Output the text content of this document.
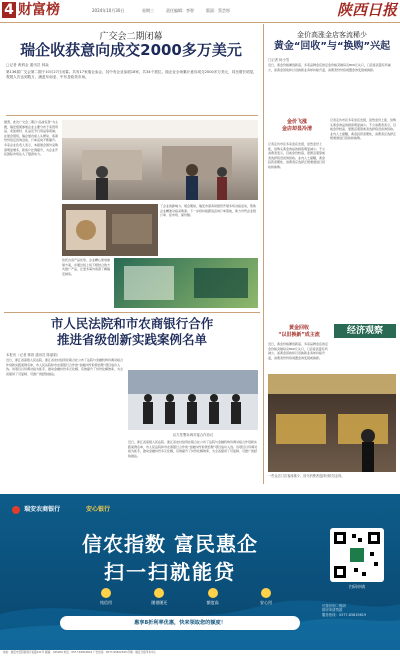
4 财富榜	2024年10月30日	星期三	责任编辑：李智	版面：蔡芸彤	陕西日报
广交会二期闭幕
瑞企收获意向成交2000多万美元
□记者 黄炳金 通讯员 林焱
第136届广交会第二期于10月27日闭幕。共有17家瑞企参会，其中有企业参展18家，共34个展位。瑞企业全场累计意向成交2000多万美元，同比增长明显，观展人次达到数万，涵盖东南亚、中东及欧美市场。
据悉，此次广交会二期以“品质家居”为主题，瑞安组团参展企业主要分布于家居用品、家装建材、礼品及节日用品等领域。在展会现场，瑞企展台前人头攒动，客商纷纷驻足咨询洽谈，订单意向不断攀升。多家企业负责人表示，本届展会国外采购商明显增多，新客户比例提升，为企业开拓国际市场注入了强劲动力。
了企业的影响力。展会期间，瑞安市商务局组织开展多场对接活动，帮助企业精准对接采购商。下一步将持续跟进意向订单落地，助力外贸企业稳订单、拓市场、保份额。
依托自身产品优势，企业精心策划参展方案，并通过线上线下相结合的方式推广产品，让更多海外客商了解瑞安制造。
市人民法院和市农商银行合作
推进省级创新实践案例名单
本报讯（记者 林茵 通讯员 陈丽娟）
近日，浙江省高级人民法院、浙江省农村信用社联合社公布了法院与金融机构诉调对接合作创新实践案例名单，市人民法院和市农商银行合作的“金融纠纷诉源治理”项目成功入选。该项目以诉调对接为抓手，推动金融纠纷多元化解，有效提升了纠纷化解效率，为全省提供了可复制、可推广的经验做法。
双方签署诉调对接合作协议
近日，浙江省高级人民法院、浙江省农村信用社联合社公布了法院与金融机构诉调对接合作创新实践案例名单，市人民法院和市农商银行合作的“金融纠纷诉源治理”项目成功入选。该项目以诉调对接为抓手，推动金融纠纷多元化解，有效提升了纠纷化解效率，为全省提供了可复制、可推广的经验做法。
金价高涨金店客流稀少
黄金“回收”与“换购”兴起
□记者 杨小雪
近日，黄金价格屡创新高，多家品牌金店的足金价格突破每克800元关口，门店客流量有所减少，而黄金回收和以旧换新业务却持续升温，消费者纷纷将闲置金饰变现或换新。
金价飞涨
金店却显冷清
记者走访市区多家金店发现，虽然金价上涨，但购买黄金饰品的顾客明显减少。不少消费者表示，目前金价较高，更愿意观望或者选择将旧首饰回收。业内人士提醒，黄金投资需理性，消费者应选择正规渠道进行回收和换购。
记者走访市区多家金店发现，虽然金价上涨，但购买黄金饰品的顾客明显减少。不少消费者表示，目前金价较高，更愿意观望或者选择将旧首饰回收。业内人士提醒，黄金投资需理性，消费者应选择正规渠道进行回收和换购。
黄金回收
“以旧换新”成主流
近日，黄金价格屡创新高，多家品牌金店的足金价格突破每克800元关口，门店客流量有所减少，而黄金回收和以旧换新业务却持续升温，消费者纷纷将闲置金饰变现或换新。
经济观察
一些金店门店客流稀少，部分消费者选择回收旧金饰。
瑞安农商银行	安心银行
信农指数 富民惠企
扫一扫就能贷
纯信用	随借随还	额度高	安心用
惠享8折利率优惠，快来领取您的额度！
扫码申请
长按识别二维码
即可申请贷款
服务热线：0577-65819819
地址：瑞安市安阳街道万松路121号 邮编：325200 电话：0577-65819819 广告热线：0577-65812345 印刷：瑞安日报印务中心
